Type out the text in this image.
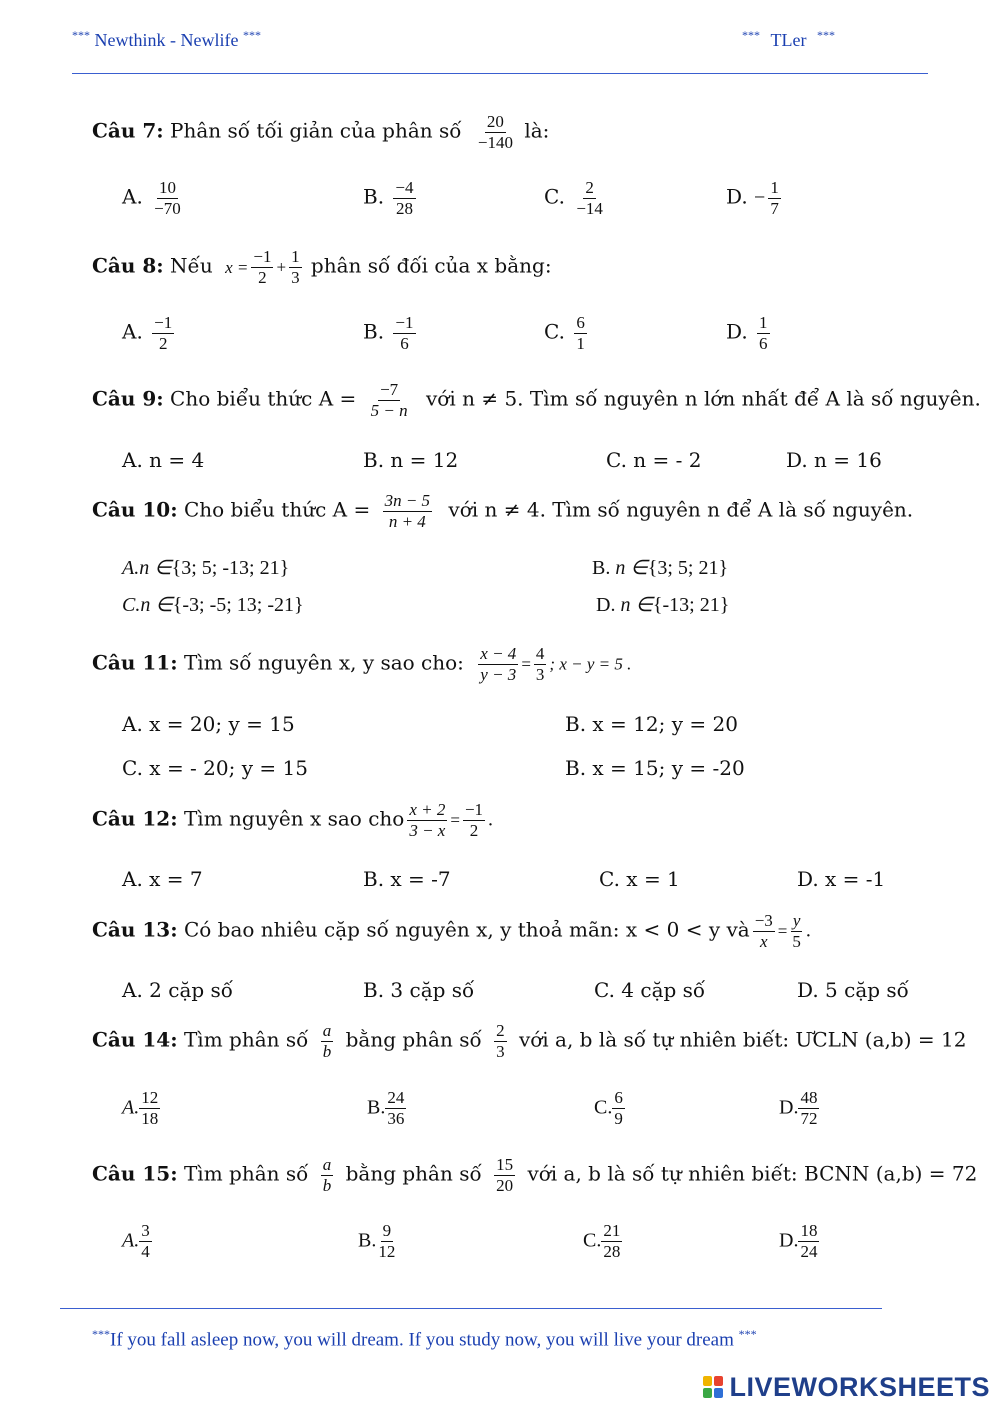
*** Newthink - Newlife ***	*** TLer ***
Câu 7: Phân số tối giản của phân số $\frac{20}{-140}$ là:
A. $\frac{10}{-70}$	B. $\frac{-4}{28}$	C. $\frac{2}{-14}$	D. − $\frac{1}{7}$
Câu 8: Nếu $x = \frac{-1}{2} + \frac{1}{3}$ phân số đối của x bằng:
A. $\frac{-1}{2}$	B. $\frac{-1}{6}$	C. $\frac{6}{1}$	D. $\frac{1}{6}$
Câu 9: Cho biểu thức $A = \frac{-7}{5 - n}$ với n ≠ 5. Tìm số nguyên n lớn nhất để A là số nguyên.
A. n = 4	B. n = 12	C. n = - 2	D. n = 16
Câu 10: Cho biểu thức $A = \frac{3n - 5}{n + 4}$ với n ≠ 4. Tìm số nguyên n để A là số nguyên.
A.n ∈{3; 5; -13; 21}	B. n ∈{3; 5; 21}
C.n ∈{-3; -5; 13; -21}	D. n ∈{-13; 21}
Câu 11: Tìm số nguyên x, y sao cho: $\frac{x - 4}{y - 3} = \frac{4}{3}$ ; x − y = 5 .
A. x = 20; y = 15	B. x = 12; y = 20
C. x = - 20; y = 15	B. x = 15; y = -20
Câu 12: Tìm nguyên x sao cho $\frac{x + 2}{3 - x} = \frac{-1}{2}$ .
A. x = 7	B. x = -7	C. x = 1	D. x = -1
Câu 13: Có bao nhiêu cặp số nguyên x, y thoả mãn: x < 0 < y và $\frac{-3}{x} = \frac{y}{5}$ .
A. 2 cặp số	B. 3 cặp số	C. 4 cặp số	D. 5 cặp số
Câu 14: Tìm phân số $\frac{a}{b}$ bằng phân số $\frac{2}{3}$ với a, b là số tự nhiên biết: ƯCLN (a,b) = 12
A. $\frac{12}{18}$	B. $\frac{24}{36}$	C. $\frac{6}{9}$	D. $\frac{48}{72}$
Câu 15: Tìm phân số $\frac{a}{b}$ bằng phân số $\frac{15}{20}$ với a, b là số tự nhiên biết: BCNN (a,b) = 72
A. $\frac{3}{4}$	B. $\frac{9}{12}$	C. $\frac{21}{28}$	D. $\frac{18}{24}$
***If you fall asleep now, you will dream. If you study now, you will live your dream ***
LIVEWORKSHEETS
